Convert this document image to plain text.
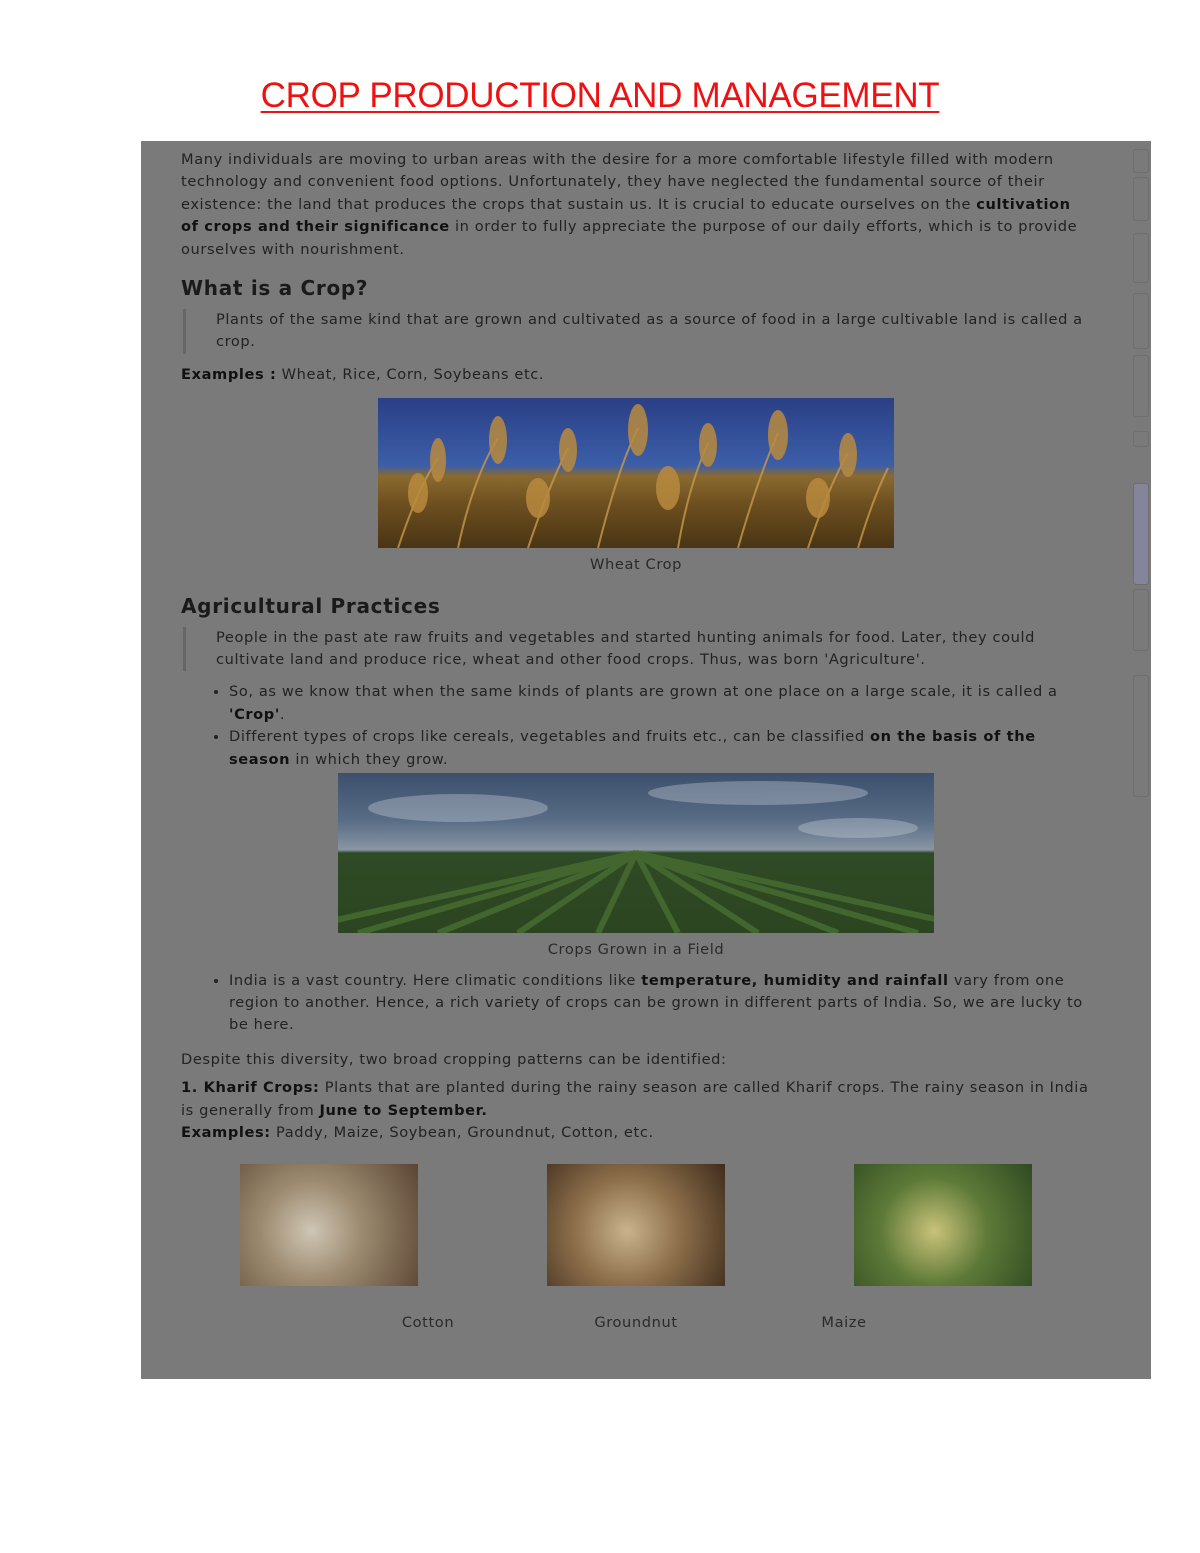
CROP PRODUCTION AND MANAGEMENT

Many individuals are moving to urban areas with the desire for a more comfortable lifestyle filled with modern technology and convenient food options. Unfortunately, they have neglected the fundamental source of their existence: the land that produces the crops that sustain us. It is crucial to educate ourselves on the cultivation of crops and their significance in order to fully appreciate the purpose of our daily efforts, which is to provide ourselves with nourishment.

What is a Crop?

Plants of the same kind that are grown and cultivated as a source of food in a large cultivable land is called a crop.

Examples : Wheat, Rice, Corn, Soybeans etc.

Wheat Crop
Agricultural Practices

People in the past ate raw fruits and vegetables and started hunting animals for food. Later, they could cultivate land and produce rice, wheat and other food crops. Thus, was born 'Agriculture'.

• So, as we know that when the same kinds of plants are grown at one place on a large scale, it is called a 'Crop'.
• Different types of crops like cereals, vegetables and fruits etc., can be classified on the basis of the season in which they grow.
Crops Grown in a Field
• India is a vast country. Here climatic conditions like temperature, humidity and rainfall vary from one region to another. Hence, a rich variety of crops can be grown in different parts of India. So, we are lucky to be here.

Despite this diversity, two broad cropping patterns can be identified:

1. Kharif Crops: Plants that are planted during the rainy season are called Kharif crops. The rainy season in India is generally from June to September.
Examples: Paddy, Maize, Soybean, Groundnut, Cotton, etc.

Cotton	Groundnut	Maize
